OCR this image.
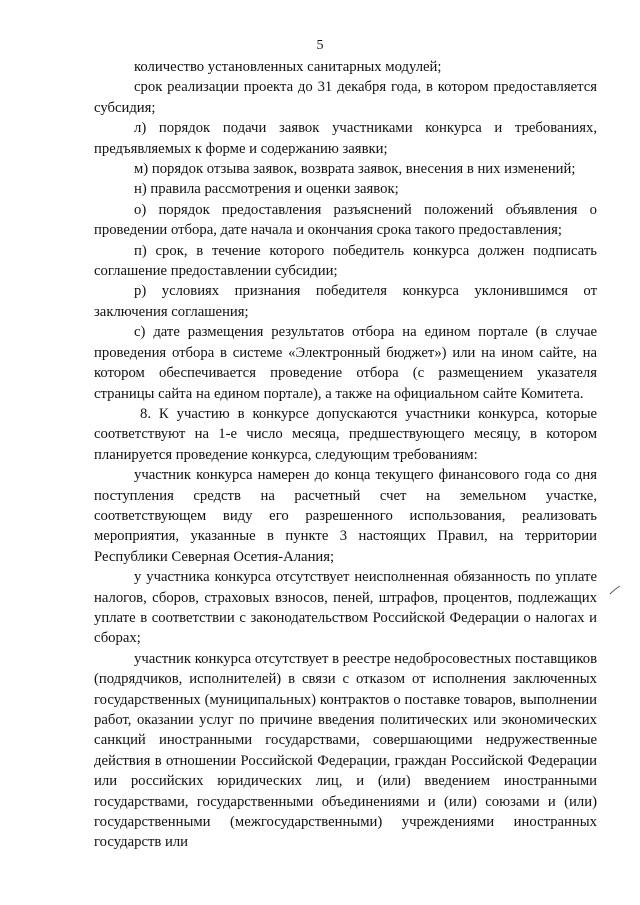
5

количество установленных санитарных модулей;

срок реализации проекта до 31 декабря года, в котором предоставляется субсидия;

л) порядок подачи заявок участниками конкурса и требованиях, предъявляемых к форме и содержанию заявки;

м) порядок отзыва заявок, возврата заявок, внесения в них изменений;

н) правила рассмотрения и оценки заявок;

о) порядок предоставления разъяснений положений объявления о проведении отбора, дате начала и окончания срока такого предоставления;

п) срок, в течение которого победитель конкурса должен подписать соглашение предоставлении субсидии;

р) условиях признания победителя конкурса уклонившимся от заключения соглашения;

с) дате размещения результатов отбора на едином портале (в случае проведения отбора в системе «Электронный бюджет») или на ином сайте, на котором обеспечивается проведение отбора (с размещением указателя страницы сайта на едином портале), а также на официальном сайте Комитета.

8. К участию в конкурсе допускаются участники конкурса, которые соответствуют на 1-е число месяца, предшествующего месяцу, в котором планируется проведение конкурса, следующим требованиям:

участник конкурса намерен до конца текущего финансового года со дня поступления средств на расчетный счет на земельном участке, соответствующем виду его разрешенного использования, реализовать мероприятия, указанные в пункте 3 настоящих Правил, на территории Республики Северная Осетия-Алания;

у участника конкурса отсутствует неисполненная обязанность по уплате налогов, сборов, страховых взносов, пеней, штрафов, процентов, подлежащих уплате в соответствии с законодательством Российской Федерации о налогах и сборах;

участник конкурса отсутствует в реестре недобросовестных поставщиков (подрядчиков, исполнителей) в связи с отказом от исполнения заключенных государственных (муниципальных) контрактов о поставке товаров, выполнении работ, оказании услуг по причине введения политических или экономических санкций иностранными государствами, совершающими недружественные действия в отношении Российской Федерации, граждан Российской Федерации или российских юридических лиц, и (или) введением иностранными государствами, государственными объединениями и (или) союзами и (или) государственными (межгосударственными) учреждениями иностранных государств или
